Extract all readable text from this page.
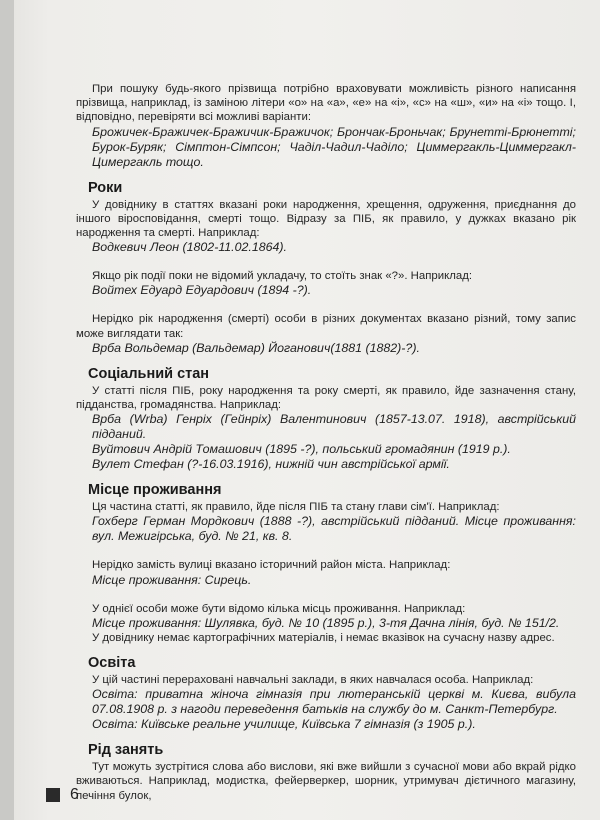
При пошуку будь-якого прізвища потрібно враховувати можливість різного написання прізвища, наприклад, із заміною літери «о» на «а», «е» на «і», «с» на «ш», «и» на «і» тощо. І, відповідно, перевіряти всі можливі варіанти:

Брожичек-Бражичек-Бражичик-Бражичок; Брончак-Броньчак; Брунетті-Брюнетті; Бурок-Буряк; Сімптон-Сімпсон; Чаділ-Чадил-Чаділо; Циммергакль-Циммергакл-Цимергакль тощо.

Роки

У довіднику в статтях вказані роки народження, хрещення, одруження, приєднання до іншого віросповідання, смерті тощо. Відразу за ПІБ, як правило, у дужках вказано рік народження та смерті. Наприклад:

Водкевич Леон (1802-11.02.1864).

Якщо рік події поки не відомий укладачу, то стоїть знак «?». Наприклад:

Войтех Едуард Едуардович (1894 -?).

Нерідко рік народження (смерті) особи в різних документах вказано різний, тому запис може виглядати так:

Врба Вольдемар (Вальдемар) Йоганович(1881 (1882)-?).

Соціальний стан

У статті після ПІБ, року народження та року смерті, як правило, йде зазначення стану, підданства, громадянства. Наприклад:

Врба (Wrba) Генріх (Гейнріх) Валентинович (1857-13.07. 1918), австрійський підданий.

Вуйтович Андрій Томашович (1895 -?), польський громадянин (1919 р.).

Вулет Стефан (?-16.03.1916), нижній чин австрійської армії.

Місце проживання

Ця частина статті, як правило, йде після ПІБ та стану глави сім'ї. Наприклад:

Гохберг Герман Мордкович (1888 -?), австрійський підданий. Місце проживання: вул. Межигірська, буд. № 21, кв. 8.

Нерідко замість вулиці вказано історичний район міста. Наприклад:

Місце проживання: Сирець.

У однієї особи може бути відомо кілька місць проживання. Наприклад:

Місце проживання: Шулявка, буд. № 10 (1895 р.), 3-тя Дачна лінія, буд. № 151/2.

У довіднику немає картографічних матеріалів, і немає вказівок на сучасну назву адрес.

Освіта

У цій частині перераховані навчальні заклади, в яких навчалася особа. Наприклад:

Освіта: приватна жіноча гімназія при лютеранській церкві м. Києва, вибула 07.08.1908 р. з нагоди переведення батьків на службу до м. Санкт-Петербург.

Освіта: Київське реальне училище, Київська 7 гімназія (з 1905 р.).

Рід занять

Тут можуть зустрітися слова або вислови, які вже вийшли з сучасної мови або вкрай рідко вживаються. Наприклад, модистка, фейерверкер, шорник, утримувач дієтичного магазину, печіння булок,

6
